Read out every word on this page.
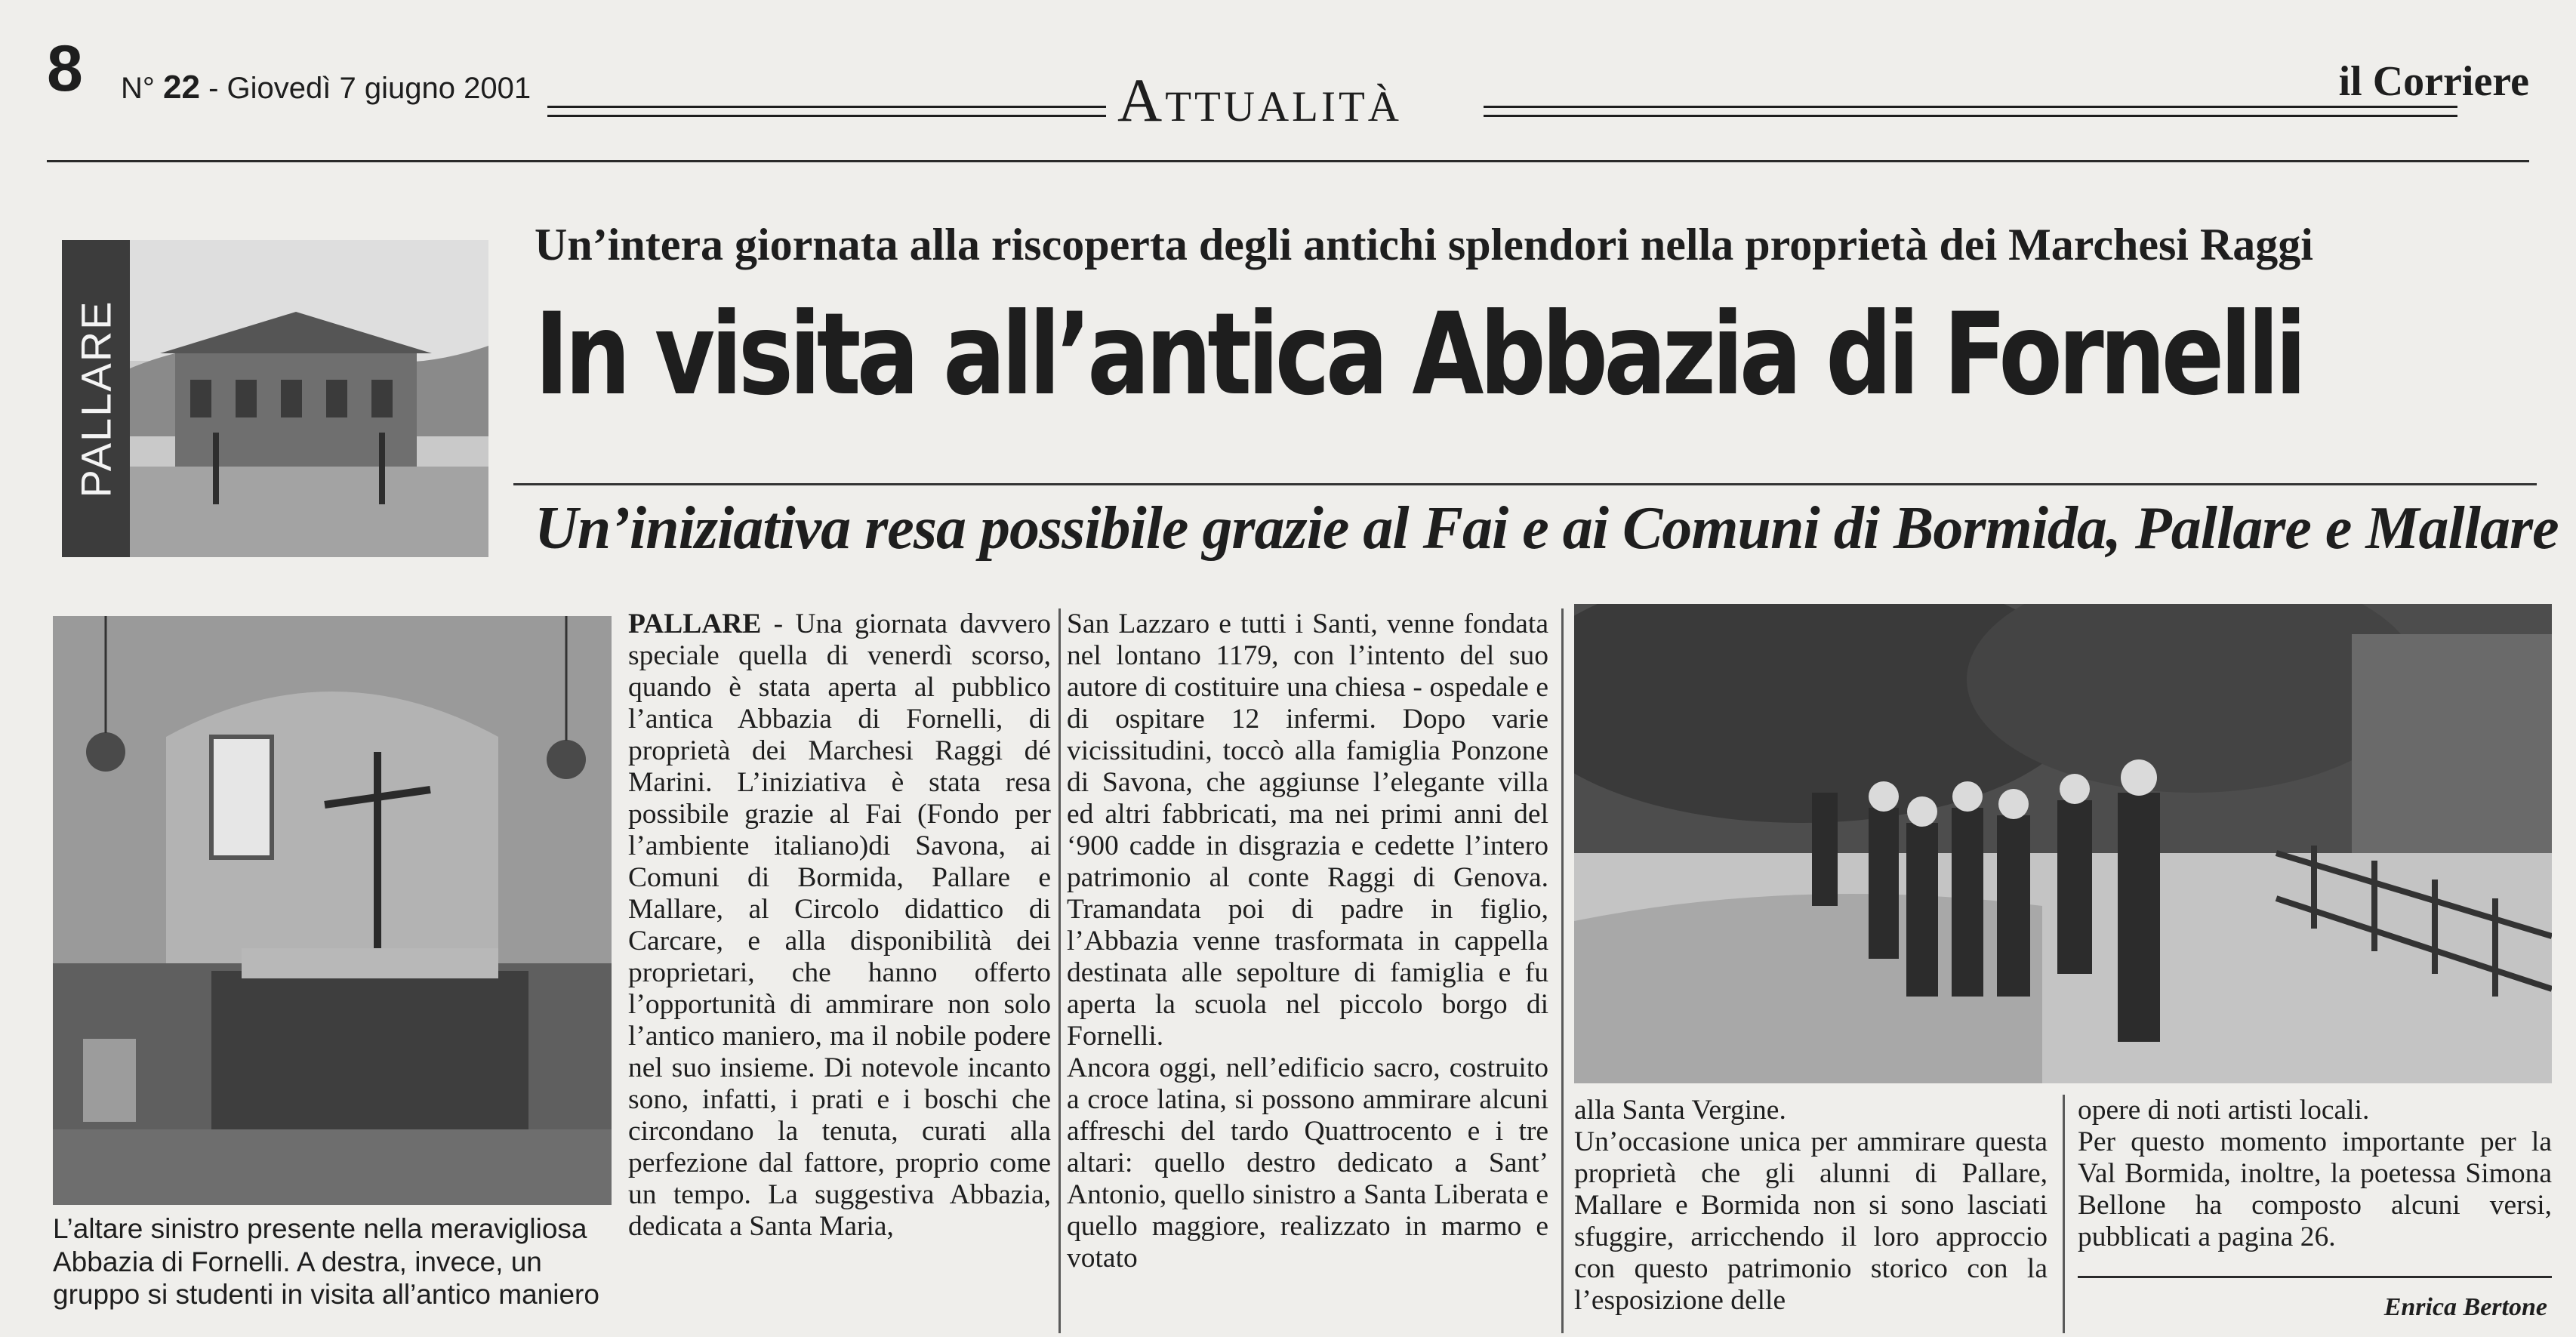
8 N° 22 - Giovedì 7 giugno 2001	Attualità	il Corriere
PALLARE
Un’intera giornata alla riscoperta degli antichi splendori nella proprietà dei Marchesi Raggi
In visita all’antica Abbazia di Fornelli
Un’iniziativa resa possibile grazie al Fai e ai Comuni di Bormida, Pallare e Mallare
L’altare sinistro presente nella meravigliosa Abbazia di Fornelli. A destra, invece, un gruppo si studenti in visita all’antico maniero

PALLARE - Una giornata davvero speciale quella di venerdì scorso, quando è stata aperta al pubblico l’antica Abbazia di Fornelli, di proprietà dei Marchesi Raggi dé Marini. L’iniziativa è stata resa possibile grazie al Fai (Fondo per l’ambiente italiano)di Savona, ai Comuni di Bormida, Pallare e Mallare, al Circolo didattico di Carcare, e alla disponibilità dei proprietari, che hanno offerto l’opportunità di ammirare non solo l’antico maniero, ma il nobile podere nel suo insieme. Di notevole incanto sono, infatti, i prati e i boschi che circondano la tenuta, curati alla perfezione dal fattore, proprio come un tempo. La suggestiva Abbazia, dedicata a Santa Maria,

San Lazzaro e tutti i Santi, venne fondata nel lontano 1179, con l’intento del suo autore di costituire una chiesa - ospedale e di ospitare 12 infermi. Dopo varie vicissitudini, toccò alla famiglia Ponzone di Savona, che aggiunse l’elegante villa ed altri fabbricati, ma nei primi anni del ‘900 cadde in disgrazia e cedette l’intero patrimonio al conte Raggi di Genova. Tramandata poi di padre in figlio, l’Abbazia venne trasformata in cappella destinata alle sepolture di famiglia e fu aperta la scuola nel piccolo borgo di Fornelli.

Ancora oggi, nell’edificio sacro, costruito a croce latina, si possono ammirare alcuni affreschi del tardo Quattrocento e i tre altari: quello destro dedicato a Sant’ Antonio, quello sinistro a Santa Liberata e quello maggiore, realizzato in marmo e votato

alla Santa Vergine.

Un’occasione unica per ammirare questa proprietà che gli alunni di Pallare, Mallare e Bormida non si sono lasciati sfuggire, arricchendo il loro approccio con questo patrimonio storico con la l’esposizione delle

opere di noti artisti locali.

Per questo momento importante per la Val Bormida, inoltre, la poetessa Simona Bellone ha composto alcuni versi, pubblicati a pagina 26.

Enrica Bertone
